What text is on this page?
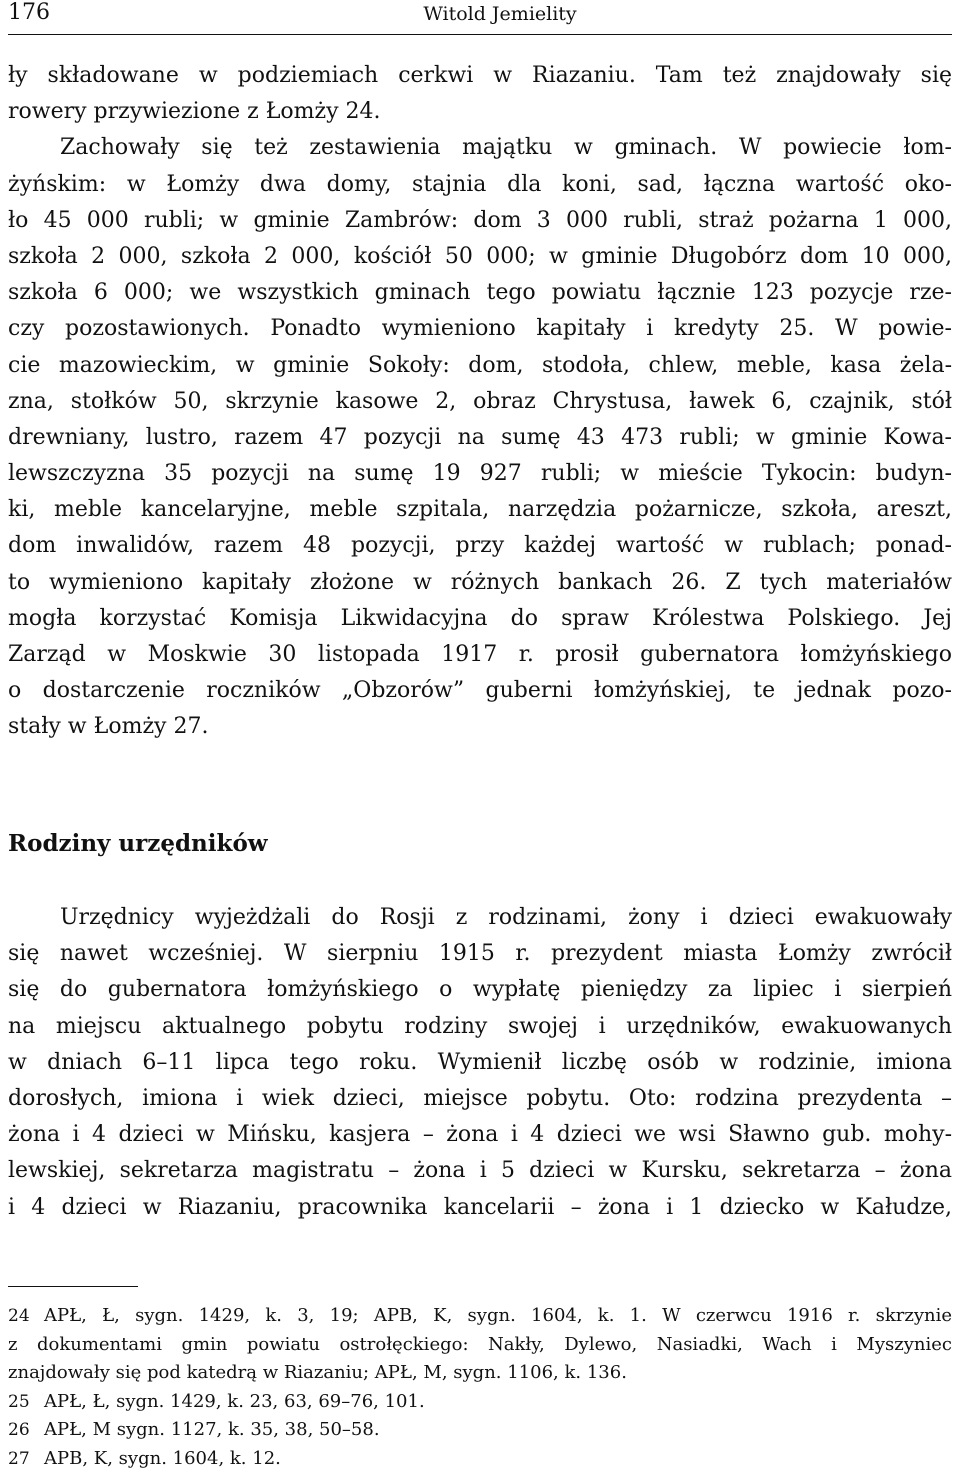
176	Witold Jemielity
ły składowane w podziemiach cerkwi w Riazaniu. Tam też znajdowały się
rowery przywiezione z Łomży 24.
Zachowały się też zestawienia majątku w gminach. W powiecie łom-
żyńskim: w Łomży dwa domy, stajnia dla koni, sad, łączna wartość oko-
ło 45 000 rubli; w gminie Zambrów: dom 3 000 rubli, straż pożarna 1 000,
szkoła 2 000, szkoła 2 000, kościół 50 000; w gminie Długobórz dom 10 000,
szkoła 6 000; we wszystkich gminach tego powiatu łącznie 123 pozycje rze-
czy pozostawionych. Ponadto wymieniono kapitały i kredyty 25. W powie-
cie mazowieckim, w gminie Sokoły: dom, stodoła, chlew, meble, kasa żela-
zna, stołków 50, skrzynie kasowe 2, obraz Chrystusa, ławek 6, czajnik, stół
drewniany, lustro, razem 47 pozycji na sumę 43 473 rubli; w gminie Kowa-
lewszczyzna 35 pozycji na sumę 19 927 rubli; w mieście Tykocin: budyn-
ki, meble kancelaryjne, meble szpitala, narzędzia pożarnicze, szkoła, areszt,
dom inwalidów, razem 48 pozycji, przy każdej wartość w rublach; ponad-
to wymieniono kapitały złożone w różnych bankach 26. Z tych materiałów
mogła korzystać Komisja Likwidacyjna do spraw Królestwa Polskiego. Jej
Zarząd w Moskwie 30 listopada 1917 r. prosił gubernatora łomżyńskiego
o dostarczenie roczników „Obzorów” guberni łomżyńskiej, te jednak pozo-
stały w Łomży 27.
Rodziny urzędników
Urzędnicy wyjeżdżali do Rosji z rodzinami, żony i dzieci ewakuowały
się nawet wcześniej. W sierpniu 1915 r. prezydent miasta Łomży zwrócił
się do gubernatora łomżyńskiego o wypłatę pieniędzy za lipiec i sierpień
na miejscu aktualnego pobytu rodziny swojej i urzędników, ewakuowanych
w dniach 6–11 lipca tego roku. Wymienił liczbę osób w rodzinie, imiona
dorosłych, imiona i wiek dzieci, miejsce pobytu. Oto: rodzina prezydenta –
żona i 4 dzieci w Mińsku, kasjera – żona i 4 dzieci we wsi Sławno gub. mohy-
lewskiej, sekretarza magistratu – żona i 5 dzieci w Kursku, sekretarza – żona
i 4 dzieci w Riazaniu, pracownika kancelarii – żona i 1 dziecko w Kałudze,
24 APŁ, Ł, sygn. 1429, k. 3, 19; APB, K, sygn. 1604, k. 1. W czerwcu 1916 r. skrzynie
z dokumentami gmin powiatu ostrołęckiego: Nakły, Dylewo, Nasiadki, Wach i Myszyniec
znajdowały się pod katedrą w Riazaniu; APŁ, M, sygn. 1106, k. 136.
25 APŁ, Ł, sygn. 1429, k. 23, 63, 69–76, 101.
26 APŁ, M sygn. 1127, k. 35, 38, 50–58.
27 APB, K, sygn. 1604, k. 12.
